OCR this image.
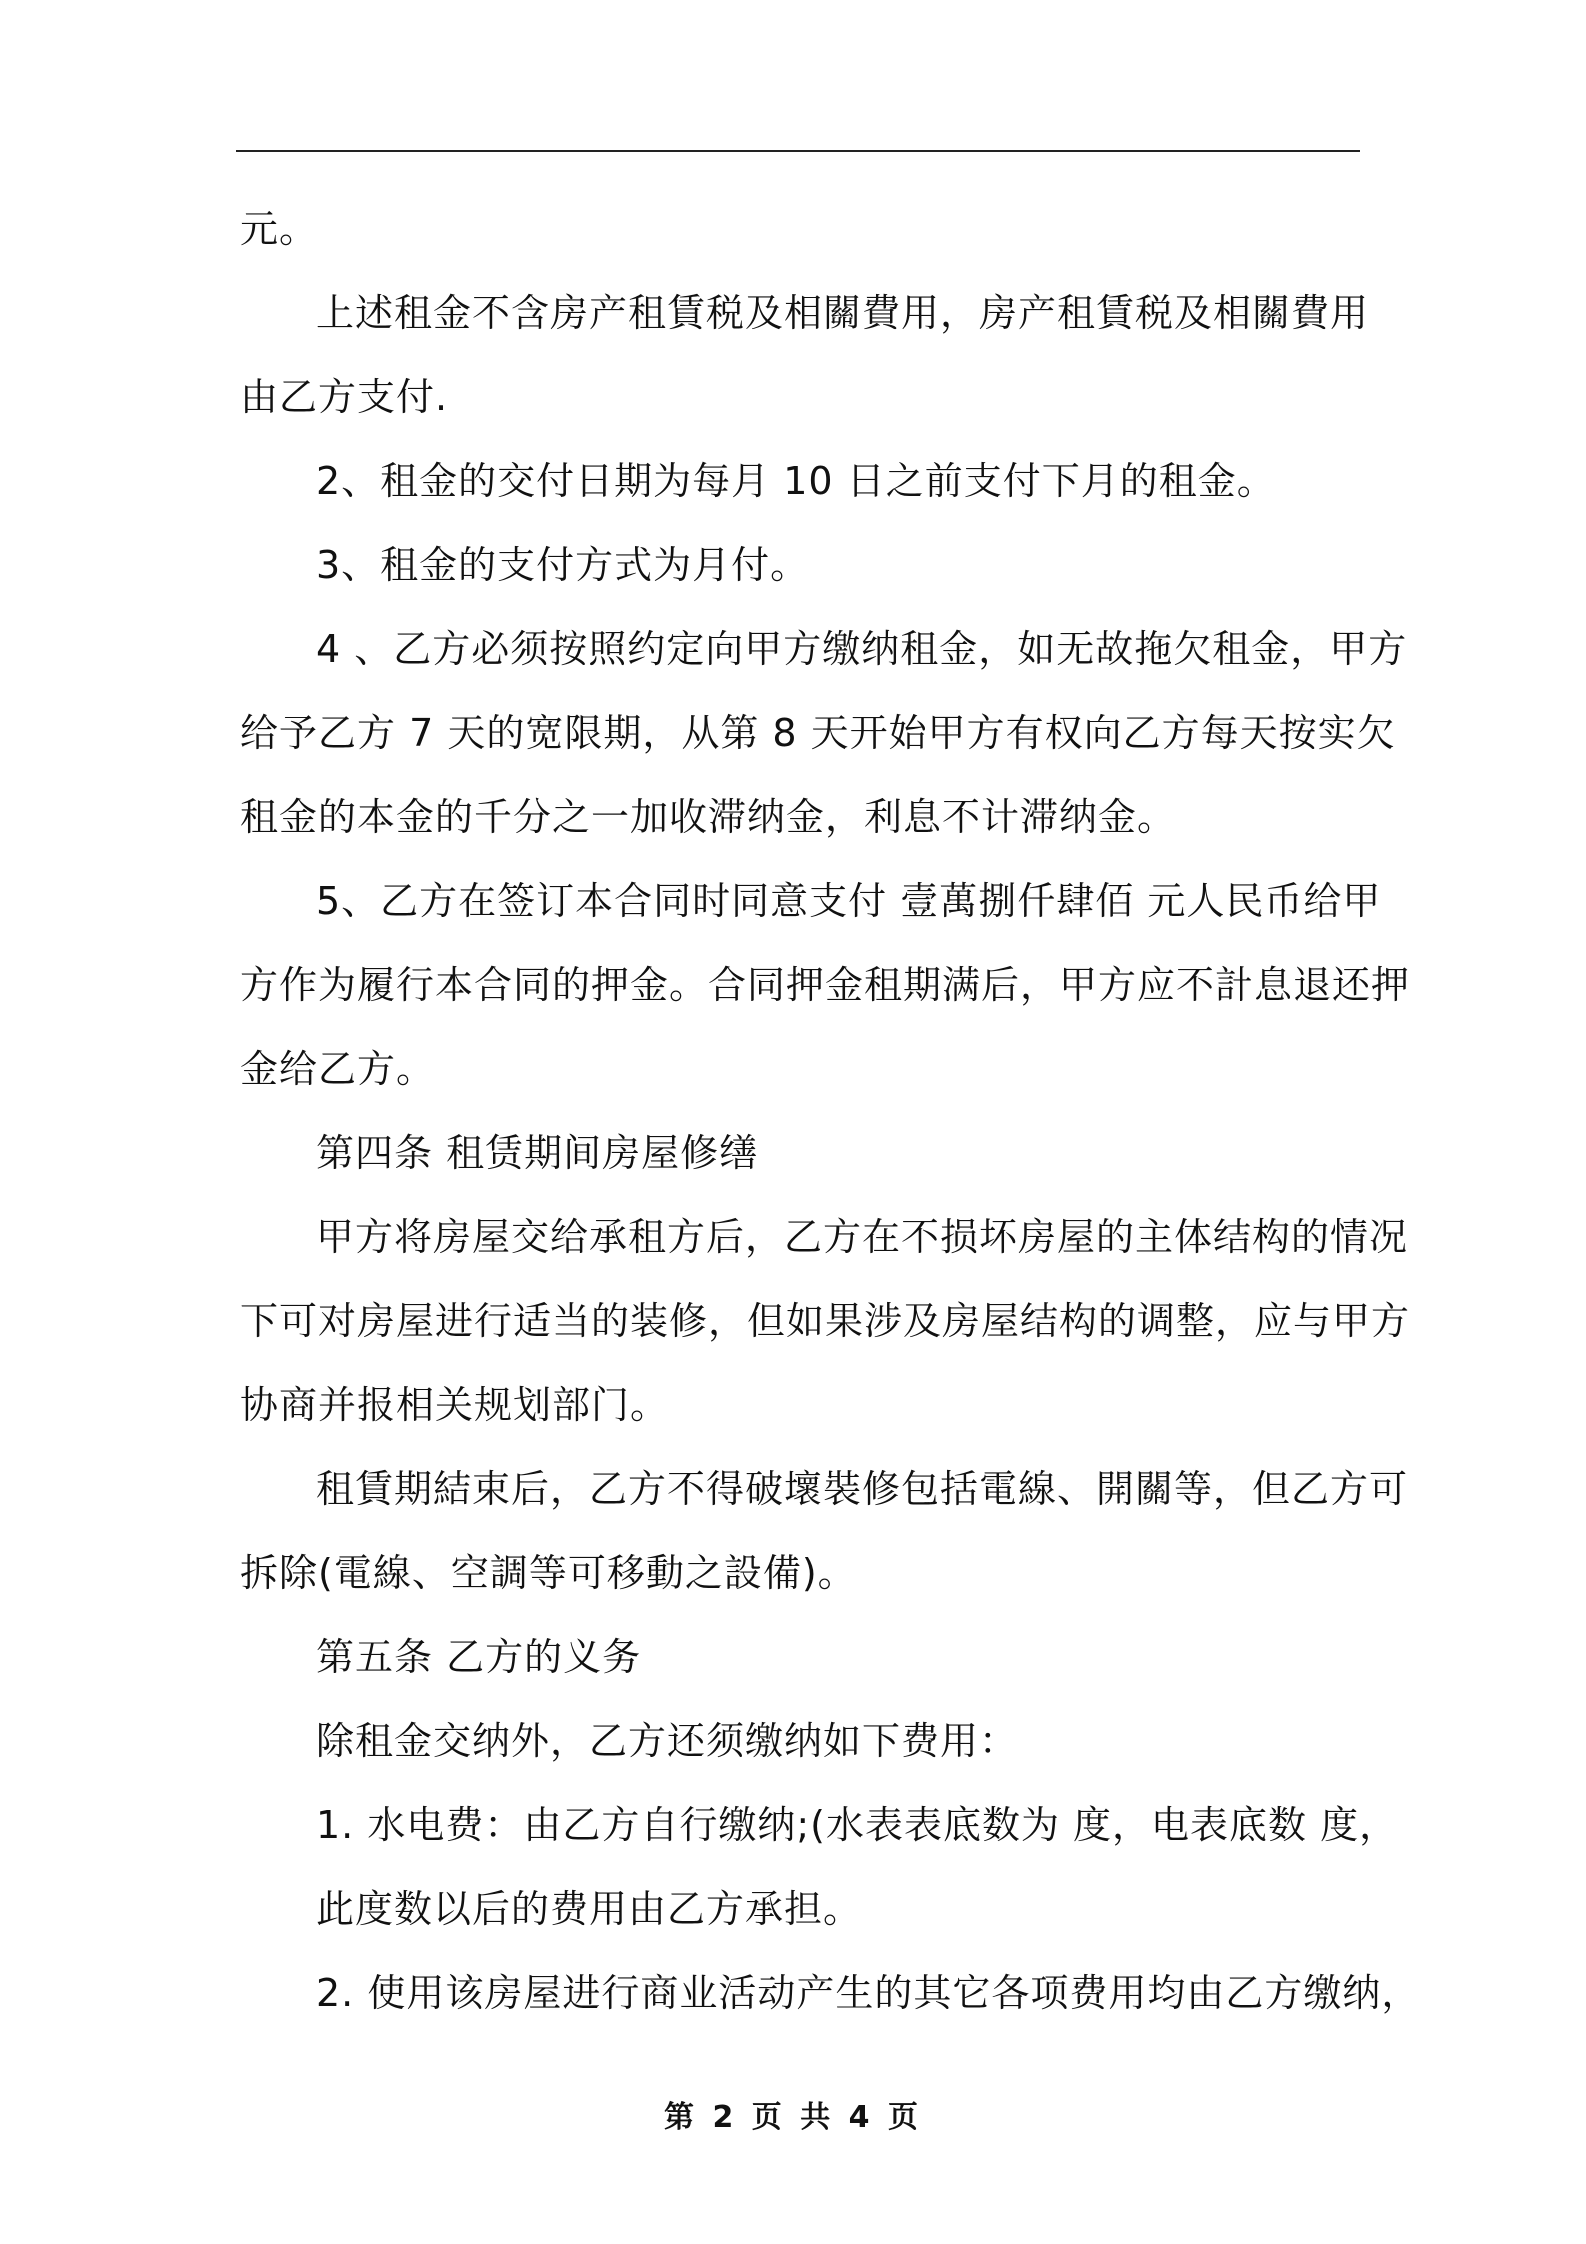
元。
上述租金不含房产租賃税及相關費用，房产租賃税及相關費用
由乙方支付.
2、租金的交付日期为每月 10 日之前支付下月的租金。
3、租金的支付方式为月付。
4 、乙方必须按照约定向甲方缴纳租金，如无故拖欠租金，甲方
给予乙方 7 天的宽限期，从第 8 天开始甲方有权向乙方每天按实欠
租金的本金的千分之一加收滞纳金，利息不计滞纳金。
5、乙方在签订本合同时同意支付 壹萬捌仟肆佰 元人民币给甲
方作为履行本合同的押金。合同押金租期满后，甲方应不計息退还押
金给乙方。
第四条 租赁期间房屋修缮
甲方将房屋交给承租方后，乙方在不损坏房屋的主体结构的情况
下可对房屋进行适当的装修，但如果涉及房屋结构的调整，应与甲方
协商并报相关规划部门。
租賃期結束后，乙方不得破壞裝修包括電線、開關等，但乙方可
拆除(電線、空調等可移動之設備)。
第五条 乙方的义务
除租金交纳外，乙方还须缴纳如下费用：
1. 水电费：由乙方自行缴纳;(水表表底数为 度，电表底数 度，
此度数以后的费用由乙方承担。
2. 使用该房屋进行商业活动产生的其它各项费用均由乙方缴纳，
第 2 页 共 4 页
